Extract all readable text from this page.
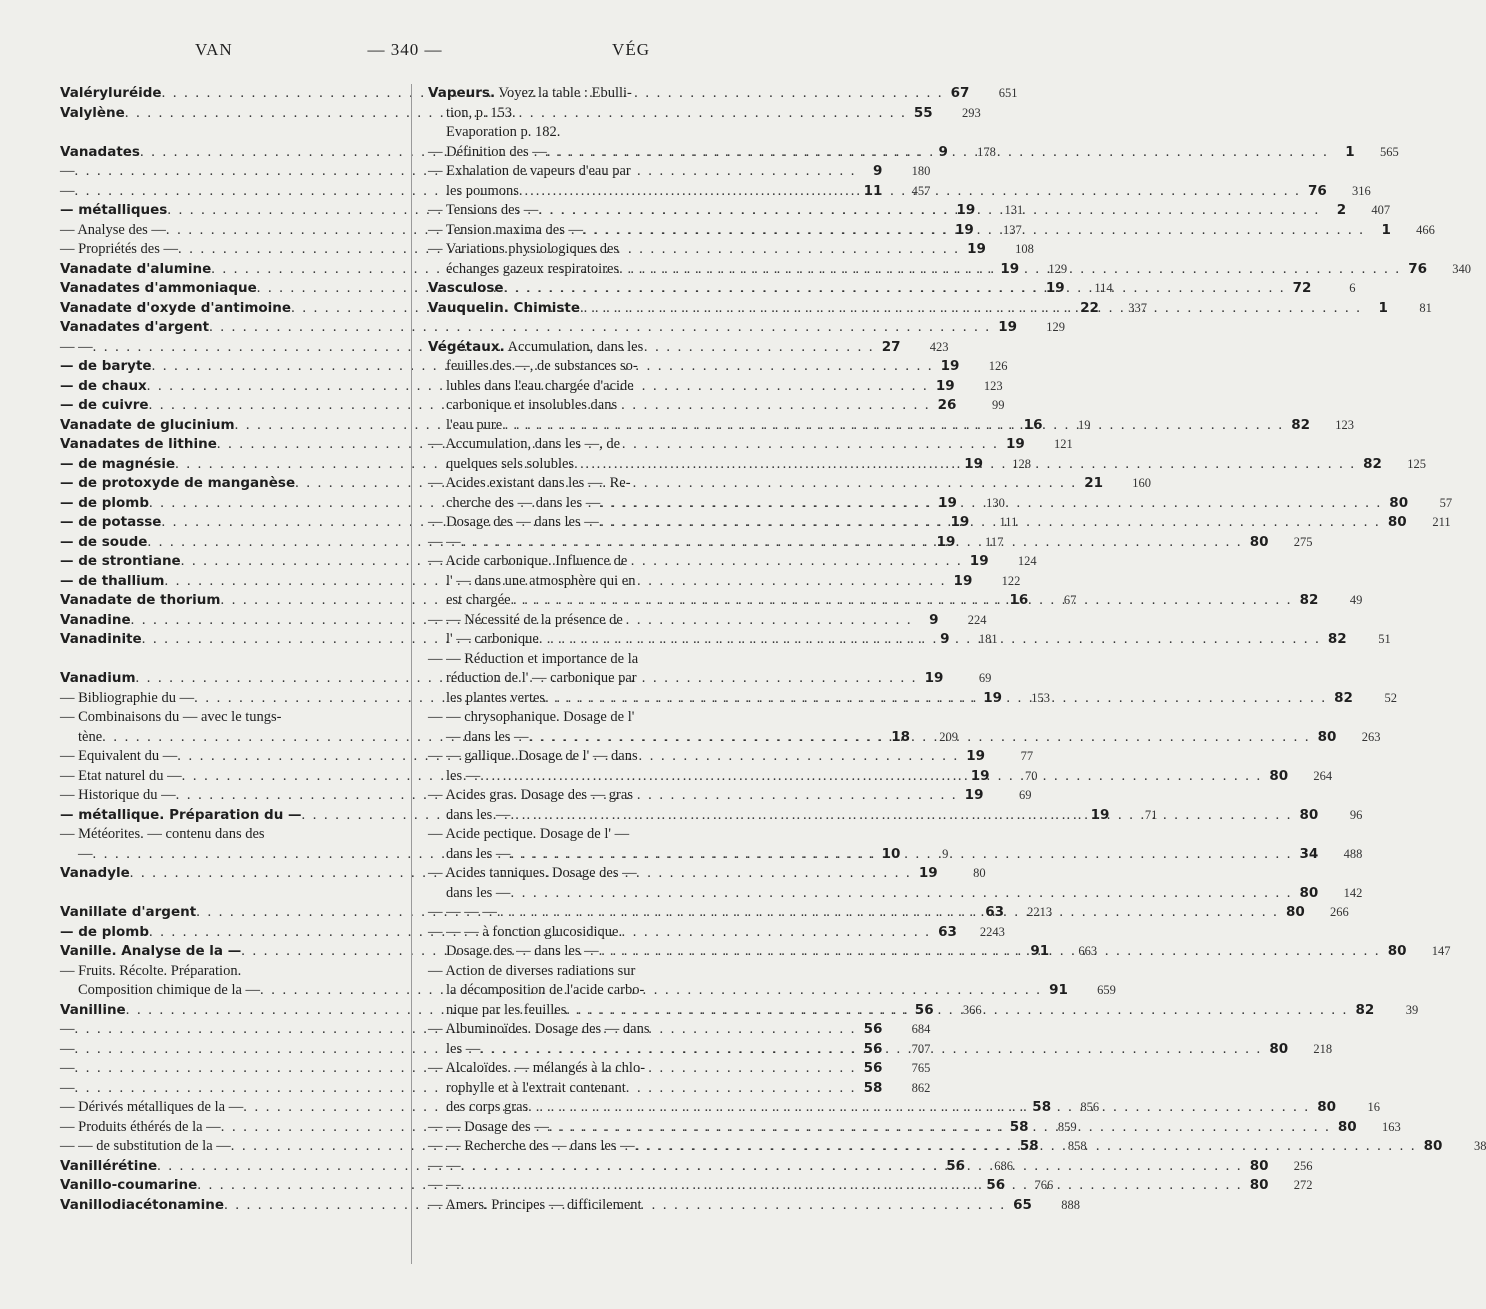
VAN	— 340 —	VÉG
Valéryluréide . . .	67	651
Valylène . . .	55	293
Vanadates . . .	9	178
— . . .	9	180
— . . .	11	457
— métalliques . . .	19	131
— Analyse des — . . .	19	137
— Propriétés des — . . .	19	108
Vanadate d'alumine . . .	19	129
Vanadates d'ammoniaque . . .	19	114
Vanadate d'oxyde d'antimoine . . .	22	337
Vanadates d'argent . . .	19	129
— — . . .	27	423
— de baryte . . .	19	126
— de chaux . . .	19	123
— de cuivre . . .	26	99
Vanadate de glucinium . . .	16	19
Vanadates de lithine . . .	19	121
— de magnésie . . .	19	128
— de protoxyde de manganèse . . .	21	160
— de plomb . . .	19	130
— de potasse . . .	19	111
— de soude . . .	19	117
— de strontiane . . .	19	124
— de thallium . . .	19	122
Vanadate de thorium . . .	16	67
Vanadine . . .	9	224
Vanadinite . . .	9	181
Vanadium . . .	19	69
— Bibliographie du — . . .	19	153
— Combinaisons du — avec le tungs-
tène . . .	18	209
— Equivalent du — . . .	19	77
— Etat naturel du — . . .	19	70
— Historique du — . . .	19	69
— métallique. Préparation du — . . .	19	71
— Météorites. — contenu dans des
— . . .	10	9
Vanadyle . . .	19	80
Vanillate d'argent . . .	63	2213
— de plomb . . .	63	2243
Vanille. Analyse de la — . . .	91	663
— Fruits. Récolte. Préparation.
Composition chimique de la — . . .	91	659
Vanilline . . .	56	366
— . . .	56	684
— . . .	56	707
— . . .	56	765
— . . .	58	862
— Dérivés métalliques de la — . . .	58	856
— Produits éthérés de la — . . .	58	859
— — de substitution de la — . . .	58	858
Vanillérétine . . .	56	686
Vanillo-coumarine . . .	56	766
Vanillodiacétonamine . . .	65	888
Vapeurs. Voyez la table : Ebulli-
tion, p. 153.
Evaporation p. 182.
— Définition des — . . .	1	565
— Exhalation de vapeurs d'eau par
les poumons . . .	76	316
— Tensions des — . . .	2	407
— Tension maxima des — . . .	1	466
— Variations physiologiques des
échanges gazeux respiratoires . . .	76	340
Vasculose . . .	72	6
Vauquelin. Chimiste . . .	1	81
Végétaux. Accumulation, dans les
feuilles des —, de substances so-
lubles dans l'eau chargée d'acide
carbonique et insolubles dans
l'eau pure . . .	82	123
— Accumulation, dans les —, de
quelques sels solubles . . .	82	125
— Acides existant dans les —. Re-
cherche des — dans les — . . .	80	57
— Dosage des — dans les — . . .	80	211
— — . . .	80	275
— Acide carbonique. Influence de
l' — dans une atmosphère qui en
est chargée . . .	82	49
— — Nécessité de la présence de
l' — carbonique . . .	82	51
— — Réduction et importance de la
réduction de l' — carbonique par
les plantes vertes . . .	82	52
— — chrysophanique. Dosage de l'
— dans les — . . .	80	263
— — gallique. Dosage de l' — dans
les — . . .	80	264
— Acides gras. Dosage des — gras
dans les — . . .	80	96
— Acide pectique. Dosage de l' —
dans les — . . .	34	488
— Acides tanniques. Dosage des —
dans les — . . .	80	142
— — — — . . .	80	266
— — — à fonction glucosidique.
Dosage des — dans les — . . .	80	147
— Action de diverses radiations sur
la décomposition de l'acide carbo-
nique par les feuilles . . .	82	39
— Albuminoïdes. Dosage des — dans
les — . . .	80	218
— Alcaloïdes. — mélangés à la chlo-
rophylle et à l'extrait contenant
des corps gras . . .	80	16
— — Dosage des — . . .	80	163
— — Recherche des — dans les — . . .	80	38
— — . . .	80	256
— — . . .	80	272
— Amers. Principes — difficilement
